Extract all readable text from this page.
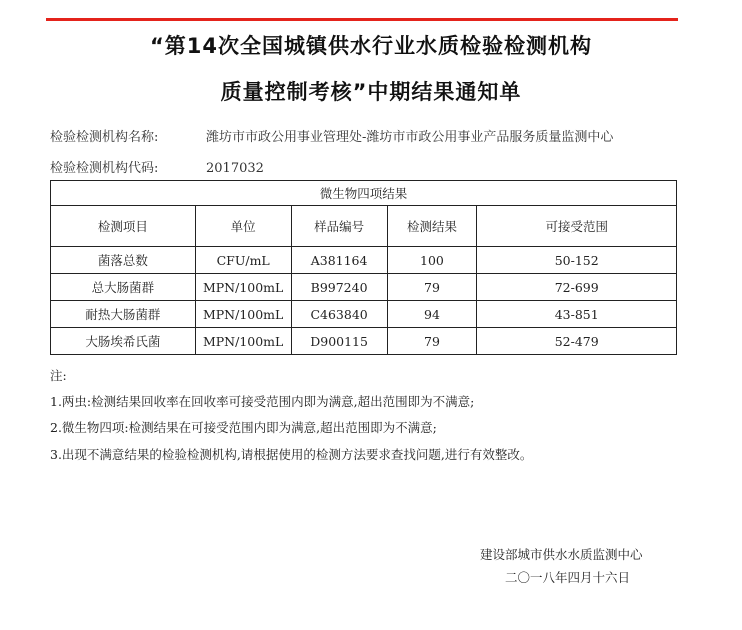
“第14次全国城镇供水行业水质检验检测机构
质量控制考核”中期结果通知单
检验检测机构名称:	潍坊市市政公用事业管理处-潍坊市市政公用事业产品服务质量监测中心
检验检测机构代码:	2017032
微生物四项结果				
检测项目	单位	样品编号	检测结果	可接受范围
菌落总数	CFU/mL	A381164	100	50-152
总大肠菌群	MPN/100mL	B997240	79	72-699
耐热大肠菌群	MPN/100mL	C463840	94	43-851
大肠埃希氏菌	MPN/100mL	D900115	79	52-479
注:
1.两虫:检测结果回收率在回收率可接受范围内即为满意,超出范围即为不满意;
2.微生物四项:检测结果在可接受范围内即为满意,超出范围即为不满意;
3.出现不满意结果的检验检测机构,请根据使用的检测方法要求查找问题,进行有效整改。
建设部城市供水水质监测中心
二〇一八年四月十六日
